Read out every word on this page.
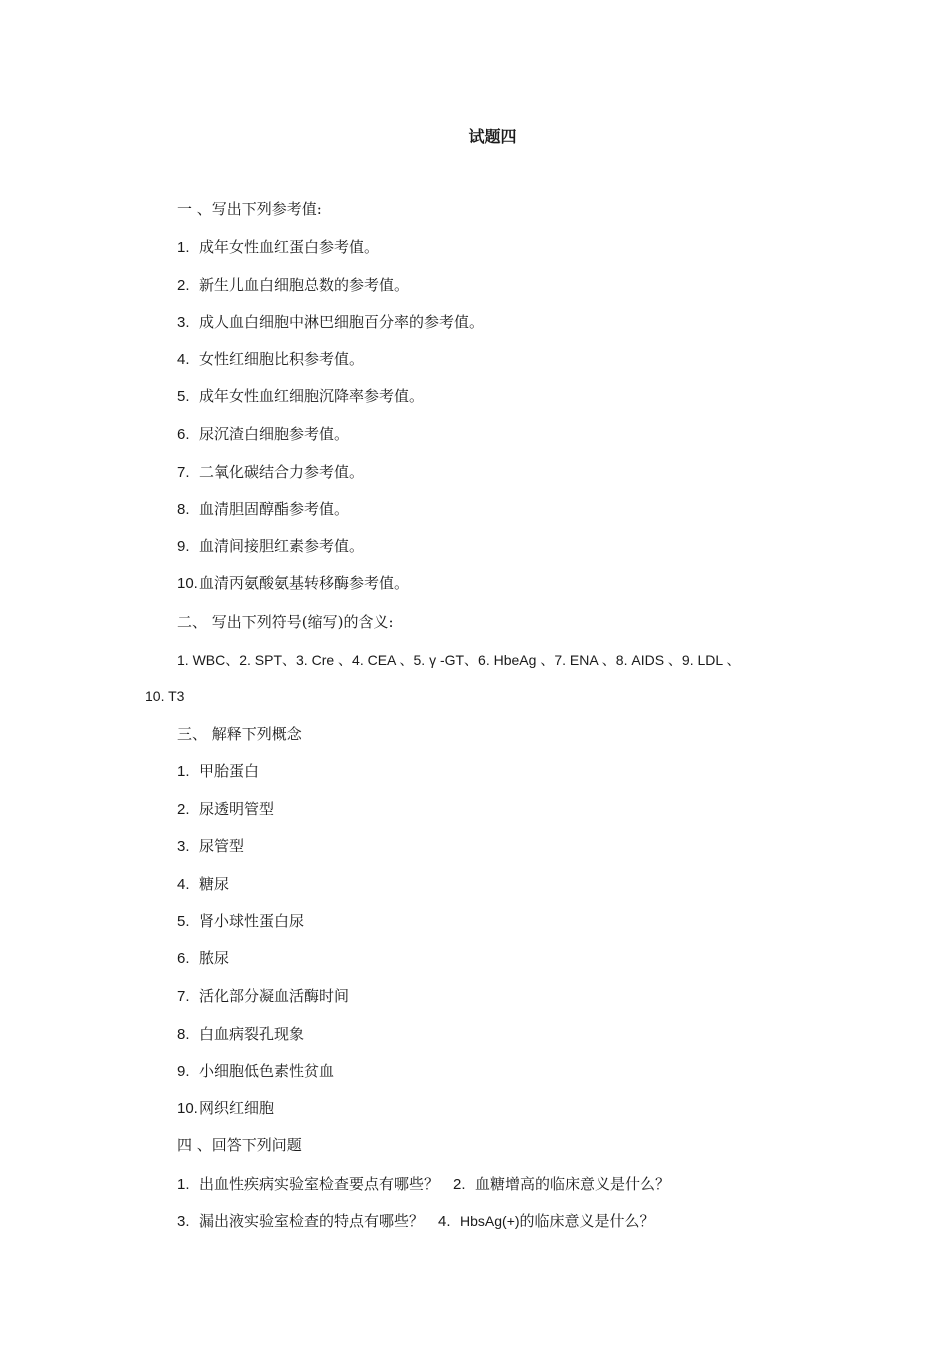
试题四
一 、写出下列参考值:
1. 成年女性血红蛋白参考值。
2. 新生儿血白细胞总数的参考值。
3. 成人血白细胞中淋巴细胞百分率的参考值。
4. 女性红细胞比积参考值。
5. 成年女性血红细胞沉降率参考值。
6. 尿沉渣白细胞参考值。
7. 二氧化碳结合力参考值。
8. 血清胆固醇酯参考值。
9. 血清间接胆红素参考值。
10.血清丙氨酸氨基转移酶参考值。
二、 写出下列符号(缩写)的含义:
1. WBC、2. SPT、3. Cre 、4. CEA 、5. γ -GT、6. HbeAg 、7. ENA 、8. AIDS 、9. LDL 、
10. T3
三、 解释下列概念
1. 甲胎蛋白
2. 尿透明管型
3. 尿管型
4. 糖尿
5. 肾小球性蛋白尿
6. 脓尿
7. 活化部分凝血活酶时间
8. 白血病裂孔现象
9. 小细胞低色素性贫血
10.网织红细胞
四 、回答下列问题
1. 出血性疾病实验室检查要点有哪些？ 2. 血糖增高的临床意义是什么？
3. 漏出液实验室检查的特点有哪些？ 4. HbsAg(+)的临床意义是什么？
